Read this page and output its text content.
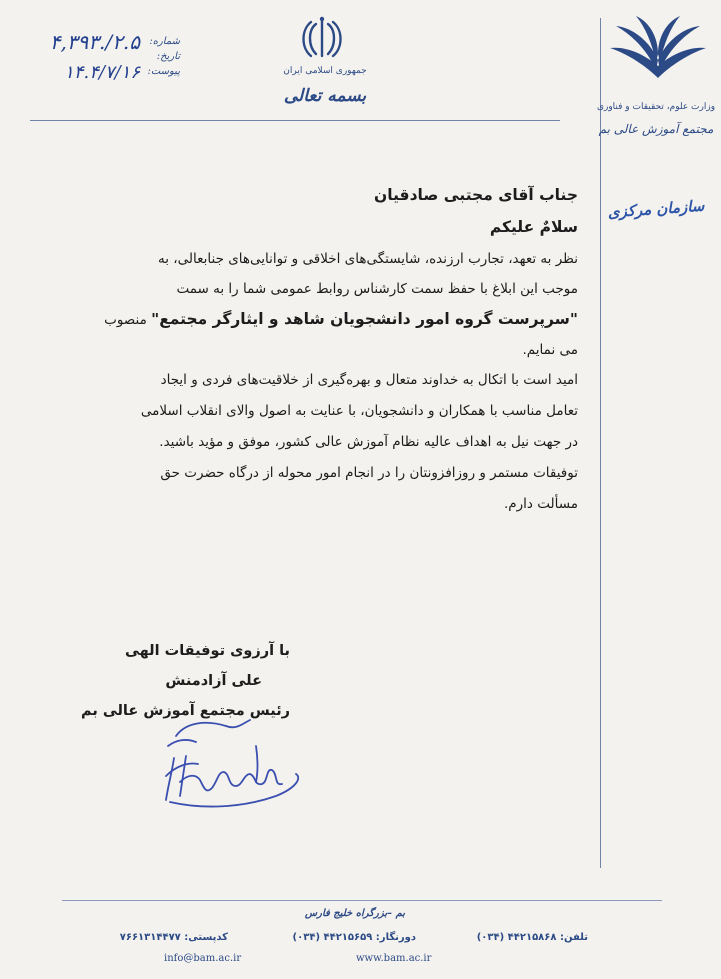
وزارت علوم، تحقیقات و فناوری
مجتمع آموزش عالی بم
سازمان مرکزی
جمهوری اسلامی ایران
بسمه تعالی
شماره:
تاریخ:
پیوست:
۲.۵/.۴,۳۹۳
۱۴.۴/۷/۱۶

جناب آقای مجتبی صادقیان

سلامٌ علیکم

نظر به تعهد، تجارب ارزنده، شایستگی‌های اخلاقی و توانایی‌های جنابعالی، به
موجب این ابلاغ با حفظ سمت کارشناس روابط عمومی شما را به سمت
"سرپرست گروه امور دانشجویان شاهد و ایثارگر مجتمع" منصوب
می نمایم.

امید است با اتکال به خداوند متعال و بهره‌گیری از خلاقیت‌های فردی و ایجاد
تعامل مناسب با همکاران و دانشجویان، با عنایت به اصول والای انقلاب اسلامی
در جهت نیل به اهداف عالیه نظام آموزش عالی کشور، موفق و مؤید باشید.
توفیقات مستمر و روزافزونتان را در انجام امور محوله از درگاه حضرت حق
مسألت دارم.

با آرزوی توفیقات الهی
علی آزادمنش
رئیس مجتمع آموزش عالی بم
بم –بزرگراه خلیج فارس
تلفن: ۴۴۲۱۵۸۶۸ (۰۳۴)
دورنگار: ۴۴۲۱۵۶۵۹ (۰۳۴)
کدپستی: ۷۶۶۱۳۱۴۴۷۷
info@bam.ac.ir	www.bam.ac.ir
